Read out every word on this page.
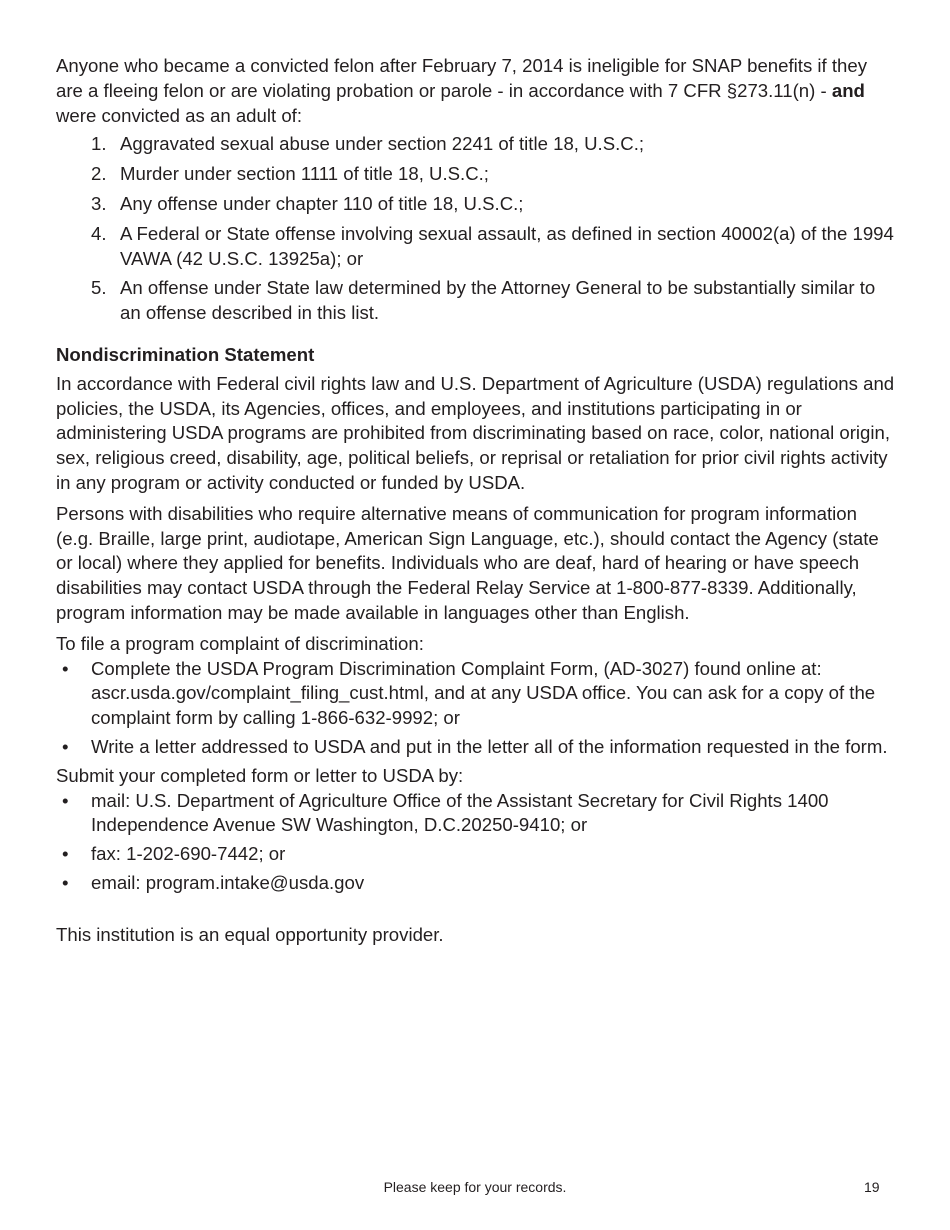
Anyone who became a convicted felon after February 7, 2014 is ineligible for SNAP benefits if they are a fleeing felon or are violating probation or parole - in accordance with 7 CFR §273.11(n) - and were convicted as an adult of:

1. Aggravated sexual abuse under section 2241 of title 18, U.S.C.;
2. Murder under section 1111 of title 18, U.S.C.;
3. Any offense under chapter 110 of title 18, U.S.C.;
4. A Federal or State offense involving sexual assault, as defined in section 40002(a) of the 1994 VAWA (42 U.S.C. 13925a); or
5. An offense under State law determined by the Attorney General to be substantially similar to an offense described in this list.

Nondiscrimination Statement

In accordance with Federal civil rights law and U.S. Department of Agriculture (USDA) regulations and policies, the USDA, its Agencies, offices, and employees, and institutions participating in or administering USDA programs are prohibited from discriminating based on race, color, national origin, sex, religious creed, disability, age, political beliefs, or reprisal or retaliation for prior civil rights activity in any program or activity conducted or funded by USDA.

Persons with disabilities who require alternative means of communication for program information (e.g. Braille, large print, audiotape, American Sign Language, etc.), should contact the Agency (state or local) where they applied for benefits. Individuals who are deaf, hard of hearing or have speech disabilities may contact USDA through the Federal Relay Service at 1-800-877-8339. Additionally, program information may be made available in languages other than English.

To file a program complaint of discrimination:

• Complete the USDA Program Discrimination Complaint Form, (AD-3027) found online at: ascr.usda.gov/complaint_filing_cust.html, and at any USDA office. You can ask for a copy of the complaint form by calling 1-866-632-9992; or
• Write a letter addressed to USDA and put in the letter all of the information requested in the form.

Submit your completed form or letter to USDA by:

• mail: U.S. Department of Agriculture Office of the Assistant Secretary for Civil Rights 1400 Independence Avenue SW Washington, D.C.20250-9410; or
• fax: 1-202-690-7442; or
• email: program.intake@usda.gov

This institution is an equal opportunity provider.

Please keep for your records.	19
